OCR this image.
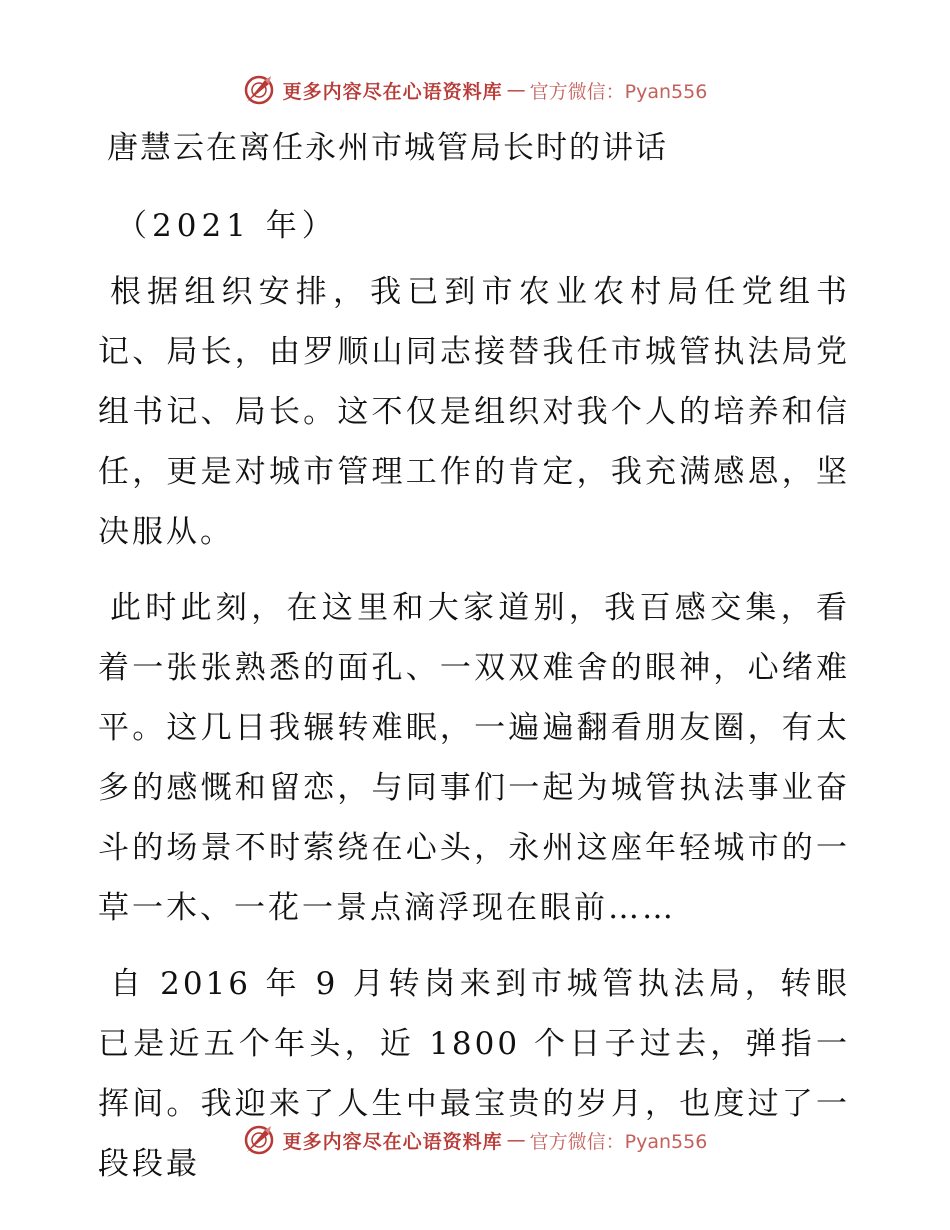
更多内容尽在心语资料库 — 官方微信：Pyan556
唐慧云在离任永州市城管局长时的讲话
（2021 年）

根据组织安排，我已到市农业农村局任党组书记、局长，由罗顺山同志接替我任市城管执法局党组书记、局长。这不仅是组织对我个人的培养和信任，更是对城市管理工作的肯定，我充满感恩，坚决服从。

此时此刻，在这里和大家道别，我百感交集，看着一张张熟悉的面孔、一双双难舍的眼神，心绪难平。这几日我辗转难眠，一遍遍翻看朋友圈，有太多的感慨和留恋，与同事们一起为城管执法事业奋斗的场景不时萦绕在心头，永州这座年轻城市的一草一木、一花一景点滴浮现在眼前……

自 2016 年 9 月转岗来到市城管执法局，转眼已是近五个年头，近 1800 个日子过去，弹指一挥间。我迎来了人生中最宝贵的岁月，也度过了一段段最

更多内容尽在心语资料库 — 官方微信：Pyan556
